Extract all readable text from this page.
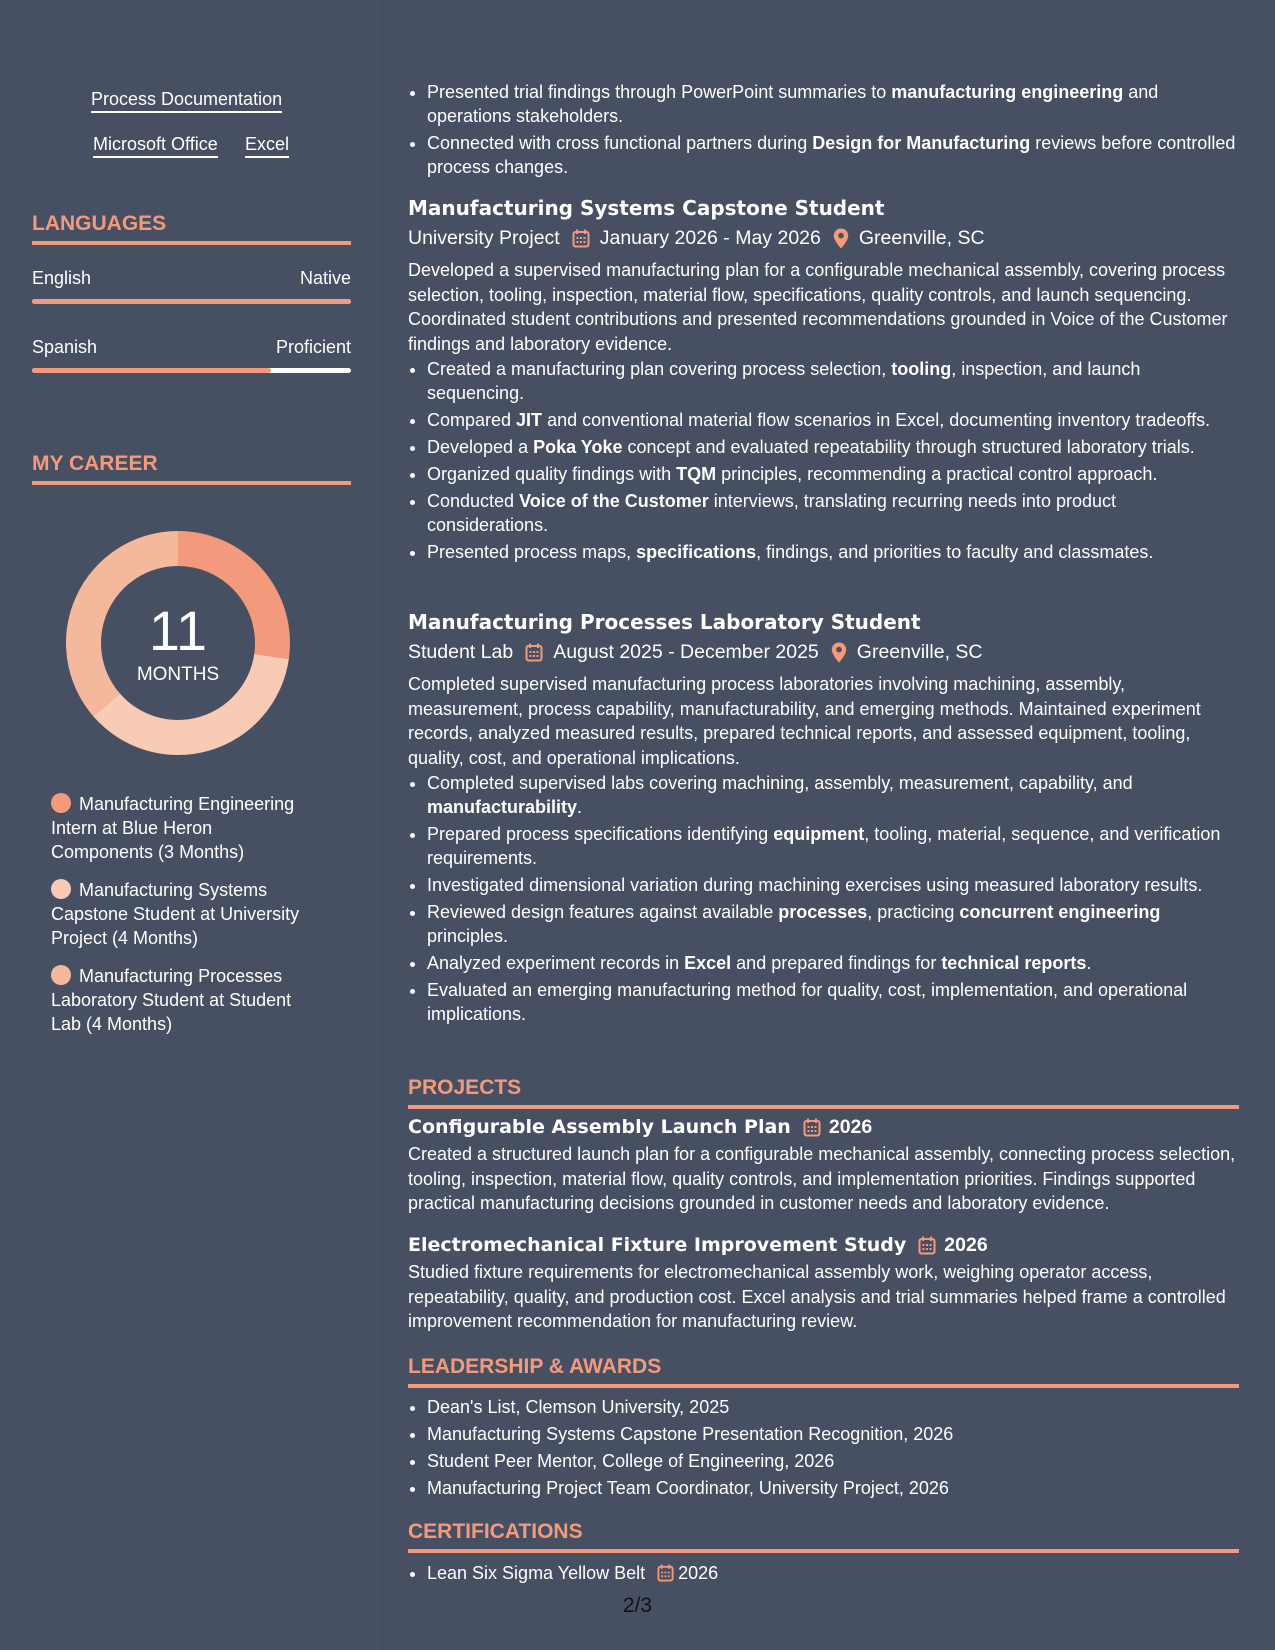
Process Documentation
Microsoft Office Excel
LANGUAGES
English	Native
Spanish	Proficient
MY CAREER
11
MONTHS
Manufacturing Engineering Intern at Blue Heron Components (3 Months)
Manufacturing Systems Capstone Student at University Project (4 Months)
Manufacturing Processes Laboratory Student at Student Lab (4 Months)
• Presented trial findings through PowerPoint summaries to manufacturing engineering and operations stakeholders.
• Connected with cross functional partners during Design for Manufacturing reviews before controlled process changes.
Manufacturing Systems Capstone Student
University Project January 2026 - May 2026 Greenville, SC
Developed a supervised manufacturing plan for a configurable mechanical assembly, covering process selection, tooling, inspection, material flow, specifications, quality controls, and launch sequencing. Coordinated student contributions and presented recommendations grounded in Voice of the Customer findings and laboratory evidence.
• Created a manufacturing plan covering process selection, tooling, inspection, and launch sequencing.
• Compared JIT and conventional material flow scenarios in Excel, documenting inventory tradeoffs.
• Developed a Poka Yoke concept and evaluated repeatability through structured laboratory trials.
• Organized quality findings with TQM principles, recommending a practical control approach.
• Conducted Voice of the Customer interviews, translating recurring needs into product considerations.
• Presented process maps, specifications, findings, and priorities to faculty and classmates.
Manufacturing Processes Laboratory Student
Student Lab August 2025 - December 2025 Greenville, SC
Completed supervised manufacturing process laboratories involving machining, assembly, measurement, process capability, manufacturability, and emerging methods. Maintained experiment records, analyzed measured results, prepared technical reports, and assessed equipment, tooling, quality, cost, and operational implications.
• Completed supervised labs covering machining, assembly, measurement, capability, and manufacturability.
• Prepared process specifications identifying equipment, tooling, material, sequence, and verification requirements.
• Investigated dimensional variation during machining exercises using measured laboratory results.
• Reviewed design features against available processes, practicing concurrent engineering principles.
• Analyzed experiment records in Excel and prepared findings for technical reports.
• Evaluated an emerging manufacturing method for quality, cost, implementation, and operational implications.
PROJECTS
Configurable Assembly Launch Plan 2026
Created a structured launch plan for a configurable mechanical assembly, connecting process selection, tooling, inspection, material flow, quality controls, and implementation priorities. Findings supported practical manufacturing decisions grounded in customer needs and laboratory evidence.
Electromechanical Fixture Improvement Study 2026
Studied fixture requirements for electromechanical assembly work, weighing operator access, repeatability, quality, and production cost. Excel analysis and trial summaries helped frame a controlled improvement recommendation for manufacturing review.
LEADERSHIP & AWARDS
• Dean's List, Clemson University, 2025
• Manufacturing Systems Capstone Presentation Recognition, 2026
• Student Peer Mentor, College of Engineering, 2026
• Manufacturing Project Team Coordinator, University Project, 2026
CERTIFICATIONS
• Lean Six Sigma Yellow Belt 2026
2/3
